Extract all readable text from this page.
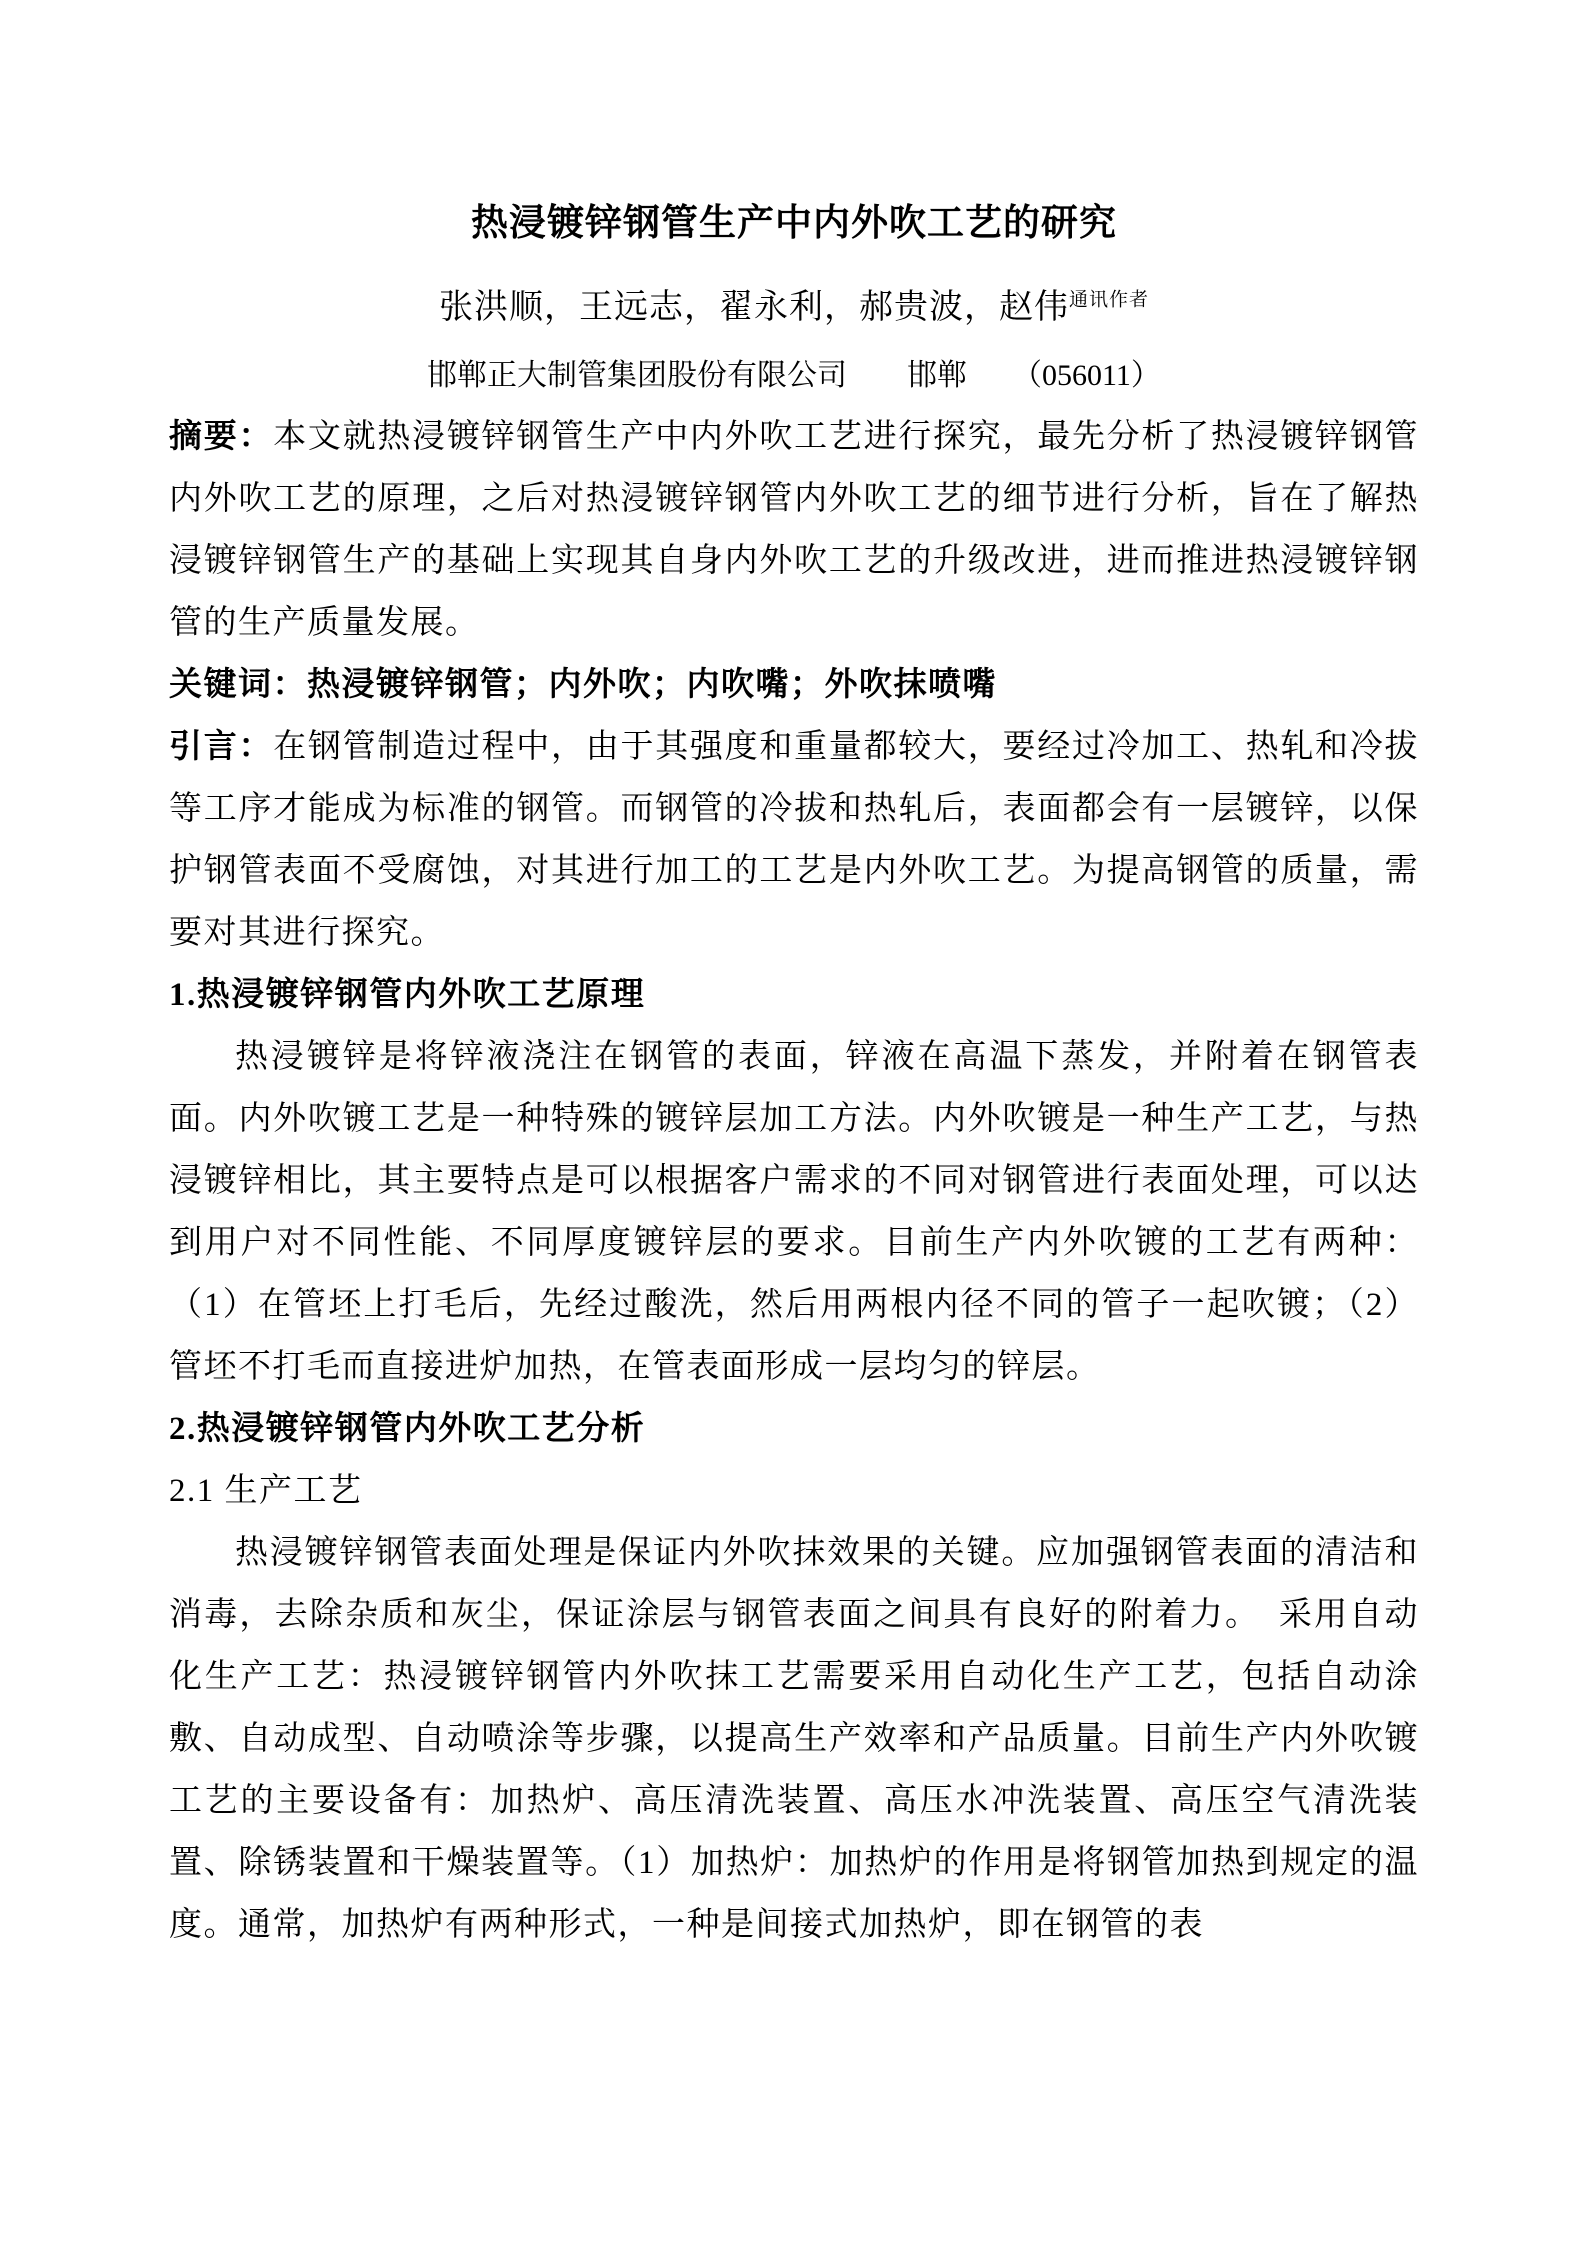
热浸镀锌钢管生产中内外吹工艺的研究

张洪顺，王远志，翟永利，郝贵波，赵伟$^{通讯作者}$

邯郸正大制管集团股份有限公司　　邯郸　　（056011）

摘要：本文就热浸镀锌钢管生产中内外吹工艺进行探究，最先分析了热浸镀锌钢管内外吹工艺的原理，之后对热浸镀锌钢管内外吹工艺的细节进行分析，旨在了解热浸镀锌钢管生产的基础上实现其自身内外吹工艺的升级改进，进而推进热浸镀锌钢管的生产质量发展。

关键词：热浸镀锌钢管；内外吹；内吹嘴；外吹抹喷嘴

引言：在钢管制造过程中，由于其强度和重量都较大，要经过冷加工、热轧和冷拔等工序才能成为标准的钢管。而钢管的冷拔和热轧后，表面都会有一层镀锌，以保护钢管表面不受腐蚀，对其进行加工的工艺是内外吹工艺。为提高钢管的质量，需要对其进行探究。

1.热浸镀锌钢管内外吹工艺原理

热浸镀锌是将锌液浇注在钢管的表面，锌液在高温下蒸发，并附着在钢管表面。内外吹镀工艺是一种特殊的镀锌层加工方法。内外吹镀是一种生产工艺，与热浸镀锌相比，其主要特点是可以根据客户需求的不同对钢管进行表面处理，可以达到用户对不同性能、不同厚度镀锌层的要求。目前生产内外吹镀的工艺有两种：（1）在管坯上打毛后，先经过酸洗，然后用两根内径不同的管子一起吹镀；（2）管坯不打毛而直接进炉加热，在管表面形成一层均匀的锌层。

2.热浸镀锌钢管内外吹工艺分析

2.1 生产工艺

热浸镀锌钢管表面处理是保证内外吹抹效果的关键。应加强钢管表面的清洁和消毒，去除杂质和灰尘，保证涂层与钢管表面之间具有良好的附着力。　采用自动化生产工艺：热浸镀锌钢管内外吹抹工艺需要采用自动化生产工艺，包括自动涂敷、自动成型、自动喷涂等步骤，以提高生产效率和产品质量。目前生产内外吹镀工艺的主要设备有：加热炉、高压清洗装置、高压水冲洗装置、高压空气清洗装置、除锈装置和干燥装置等。（1）加热炉：加热炉的作用是将钢管加热到规定的温度。通常，加热炉有两种形式，一种是间接式加热炉，即在钢管的表
